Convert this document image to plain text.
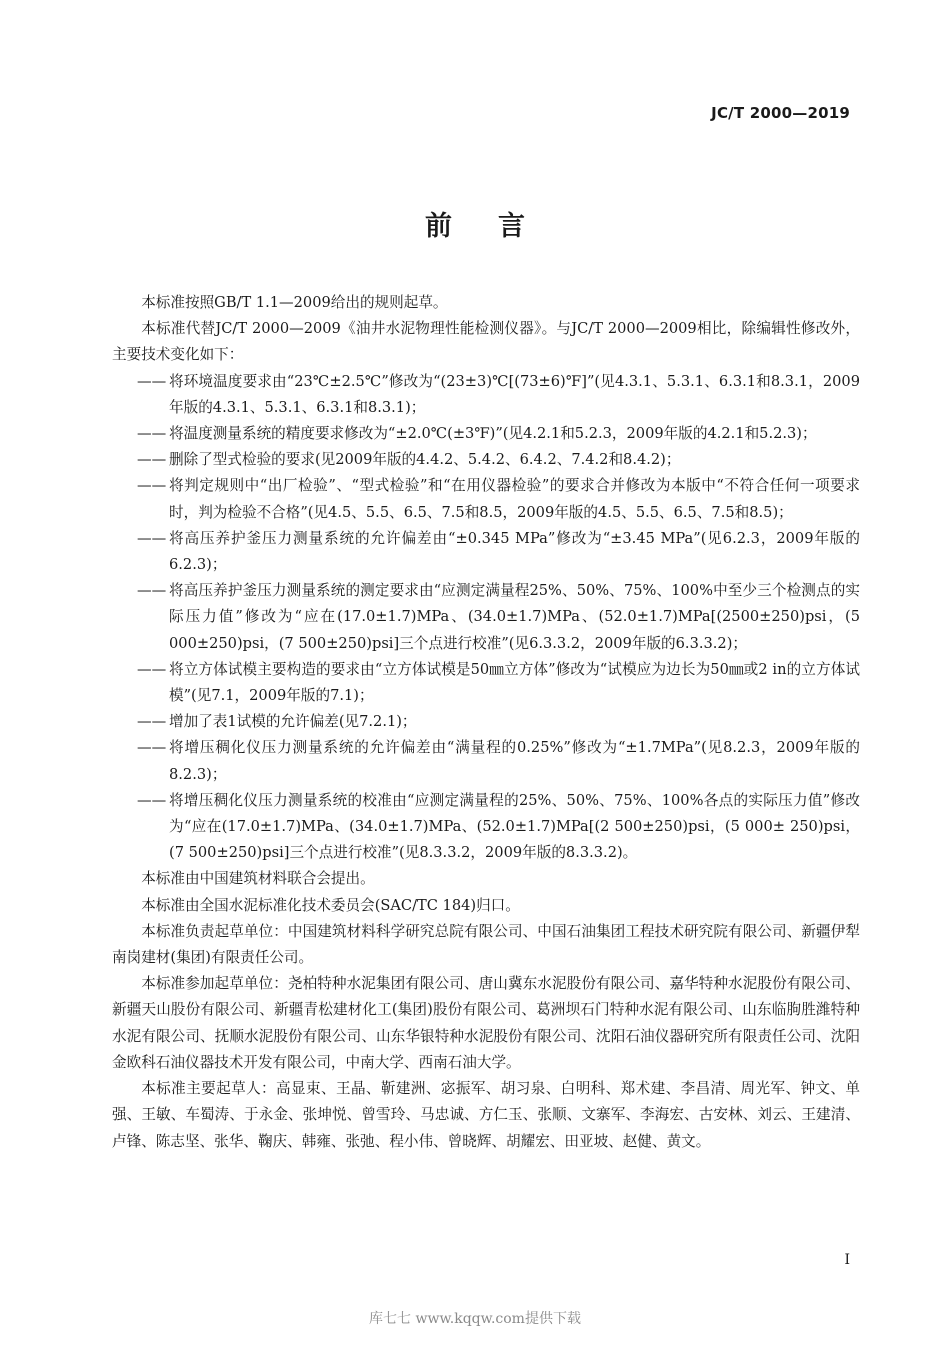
JC/T 2000—2019
前言

本标准按照GB/T 1.1—2009给出的规则起草。

本标准代替JC/T 2000—2009《油井水泥物理性能检测仪器》。与JC/T 2000—2009相比，除编辑性修改外，主要技术变化如下：

—— 将环境温度要求由“23℃±2.5℃”修改为“(23±3)℃[(73±6)℉]”(见4.3.1、5.3.1、6.3.1和8.3.1，2009年版的4.3.1、5.3.1、6.3.1和8.3.1)；

—— 将温度测量系统的精度要求修改为“±2.0℃(±3℉)”(见4.2.1和5.2.3，2009年版的4.2.1和5.2.3)；

—— 删除了型式检验的要求(见2009年版的4.4.2、5.4.2、6.4.2、7.4.2和8.4.2)；

—— 将判定规则中“出厂检验”、“型式检验”和“在用仪器检验”的要求合并修改为本版中“不符合任何一项要求时，判为检验不合格”(见4.5、5.5、6.5、7.5和8.5，2009年版的4.5、5.5、6.5、7.5和8.5)；

—— 将高压养护釜压力测量系统的允许偏差由“±0.345 MPa”修改为“±3.45 MPa”(见6.2.3，2009年版的6.2.3)；

—— 将高压养护釜压力测量系统的测定要求由“应测定满量程25%、50%、75%、100%中至少三个检测点的实际压力值”修改为“应在(17.0±1.7)MPa、(34.0±1.7)MPa、(52.0±1.7)MPa[(2500±250)psi，(5 000±250)psi，(7 500±250)psi]三个点进行校准”(见6.3.3.2，2009年版的6.3.3.2)；

—— 将立方体试模主要构造的要求由“立方体试模是50㎜立方体”修改为“试模应为边长为50㎜或2 in的立方体试模”(见7.1，2009年版的7.1)；

—— 增加了表1试模的允许偏差(见7.2.1)；

—— 将增压稠化仪压力测量系统的允许偏差由“满量程的0.25%”修改为“±1.7MPa”(见8.2.3，2009年版的8.2.3)；

—— 将增压稠化仪压力测量系统的校准由“应测定满量程的25%、50%、75%、100%各点的实际压力值”修改为“应在(17.0±1.7)MPa、(34.0±1.7)MPa、(52.0±1.7)MPa[(2 500±250)psi，(5 000± 250)psi，(7 500±250)psi]三个点进行校准”(见8.3.3.2，2009年版的8.3.3.2)。

本标准由中国建筑材料联合会提出。

本标准由全国水泥标准化技术委员会(SAC/TC 184)归口。

本标准负责起草单位：中国建筑材料科学研究总院有限公司、中国石油集团工程技术研究院有限公司、新疆伊犁南岗建材(集团)有限责任公司。

本标准参加起草单位：尧柏特种水泥集团有限公司、唐山冀东水泥股份有限公司、嘉华特种水泥股份有限公司、新疆天山股份有限公司、新疆青松建材化工(集团)股份有限公司、葛洲坝石门特种水泥有限公司、山东临朐胜潍特种水泥有限公司、抚顺水泥股份有限公司、山东华银特种水泥股份有限公司、沈阳石油仪器研究所有限责任公司、沈阳金欧科石油仪器技术开发有限公司，中南大学、西南石油大学。

本标准主要起草人：高显束、王晶、靳建洲、宓振军、胡习泉、白明科、郑术建、李昌清、周光军、钟文、单强、王敏、车蜀涛、于永金、张坤悦、曾雪玲、马忠诚、方仁玉、张顺、文寨军、李海宏、古安林、刘云、王建清、卢锋、陈志坚、张华、鞠庆、韩雍、张弛、程小伟、曾晓辉、胡耀宏、田亚坡、赵健、黄文。

I
库七七 www.kqqw.com提供下载
